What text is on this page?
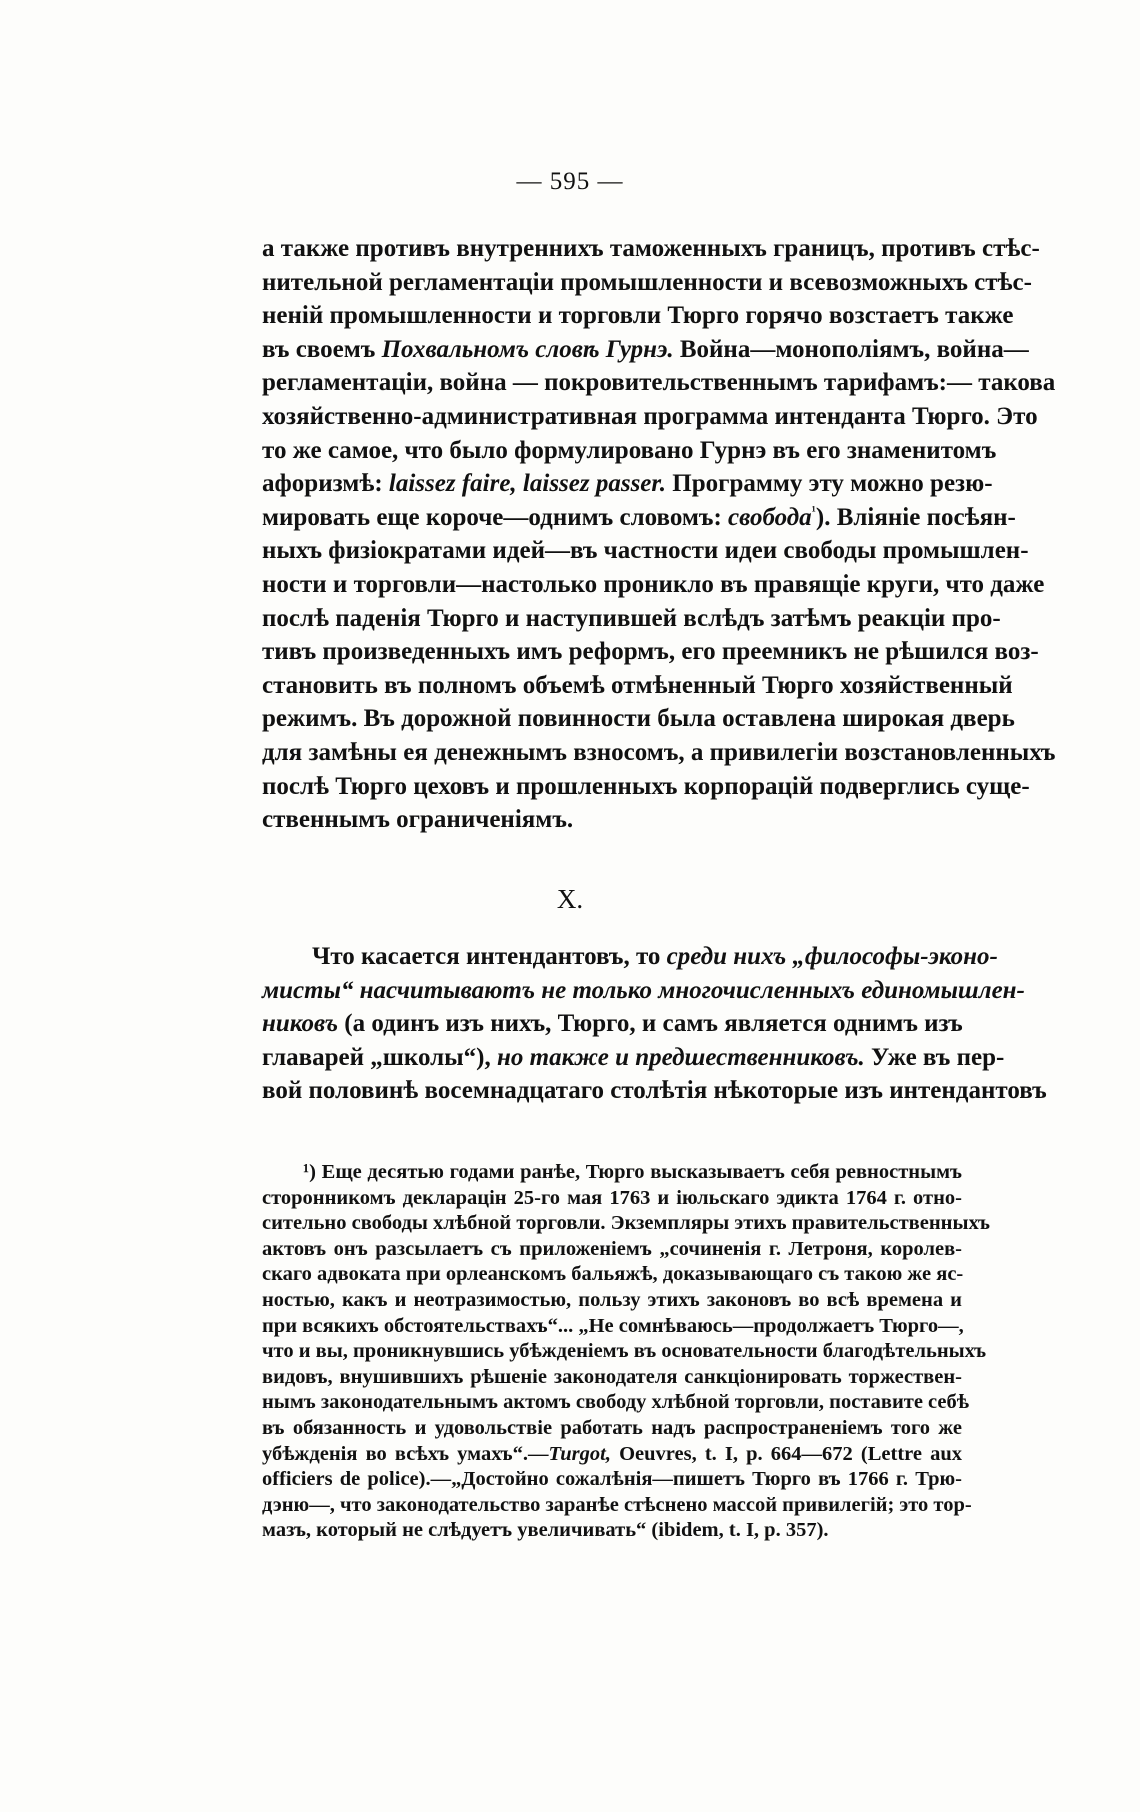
— 595 —
а также противъ внутреннихъ таможенныхъ границъ, противъ стѣс-
нительной регламентаціи промышленности и всевозможныхъ стѣс-
неній промышленности и торговли Тюрго горячо возстаетъ также
въ своемъ Похвальномъ словѣ Гурнэ. Война—монополіямъ, война—
регламентаціи, война — покровительственнымъ тарифамъ:— такова
хозяйственно-административная программа интенданта Тюрго. Это
то же самое, что было формулировано Гурнэ въ его знаменитомъ
афоризмѣ: laissez faire, laissez passer. Программу эту можно резю-
мировать еще короче—однимъ словомъ: свобода$^{^1}$). Вліяніе посѣян-
ныхъ физіократами идей—въ частности идеи свободы промышлен-
ности и торговли—настолько проникло въ правящіе круги, что даже
послѣ паденія Тюрго и наступившей вслѣдъ затѣмъ реакціи про-
тивъ произведенныхъ имъ реформъ, его преемникъ не рѣшился воз-
становить въ полномъ объемѣ отмѣненный Тюрго хозяйственный
режимъ. Въ дорожной повинности была оставлена широкая дверь
для замѣны ея денежнымъ взносомъ, а привилегіи возстановленныхъ
послѣ Тюрго цеховъ и прошленныхъ корпорацій подверглись суще-
ственнымъ ограниченіямъ.
X.
  Что касается интендантовъ, то среди нихъ „философы-эконо-
мисты“ насчитываютъ не только многочисленныхъ единомышлен-
никовъ (а одинъ изъ нихъ, Тюрго, и самъ является однимъ изъ
главарей „школы“), но также и предшественниковъ. Уже въ пер-
вой половинѣ восемнадцатаго столѣтія нѣкоторые изъ интендантовъ
  ¹) Еще десятью годами ранѣе, Тюрго высказываетъ себя ревностнымъ
сторонникомъ декларацін 25-го мая 1763 и іюльскаго эдикта 1764 г. отно-
сительно свободы хлѣбной торговли. Экземпляры этихъ правительственныхъ
актовъ онъ разсылаетъ съ приложеніемъ „сочиненія г. Летроня, королев-
скаго адвоката при орлеанскомъ бальяжѣ, доказывающаго съ такою же яс-
ностью, какъ и неотразимостью, пользу этихъ законовъ во всѣ времена и
при всякихъ обстоятельствахъ“... „Не сомнѣваюсь—продолжаетъ Тюрго—,
что и вы, проникнувшись убѣжденіемъ въ основательности благодѣтельныхъ
видовъ, внушившихъ рѣшеніе законодателя санкціонировать торжествен-
нымъ законодательнымъ актомъ свободу хлѣбной торговли, поставите себѣ
въ обязанность и удовольствіе работать надъ распространеніемъ того же
убѣжденія во всѣхъ умахъ“.—Turgot, Oeuvres, t. I, p. 664—672 (Lettre aux
officiers de police).—„Достойно сожалѣнія—пишетъ Тюрго въ 1766 г. Трю-
дэню—, что законодательство заранѣе стѣснено массой привилегій; это тор-
мазъ, который не слѣдуетъ увеличивать“ (ibidem, t. I, p. 357).
